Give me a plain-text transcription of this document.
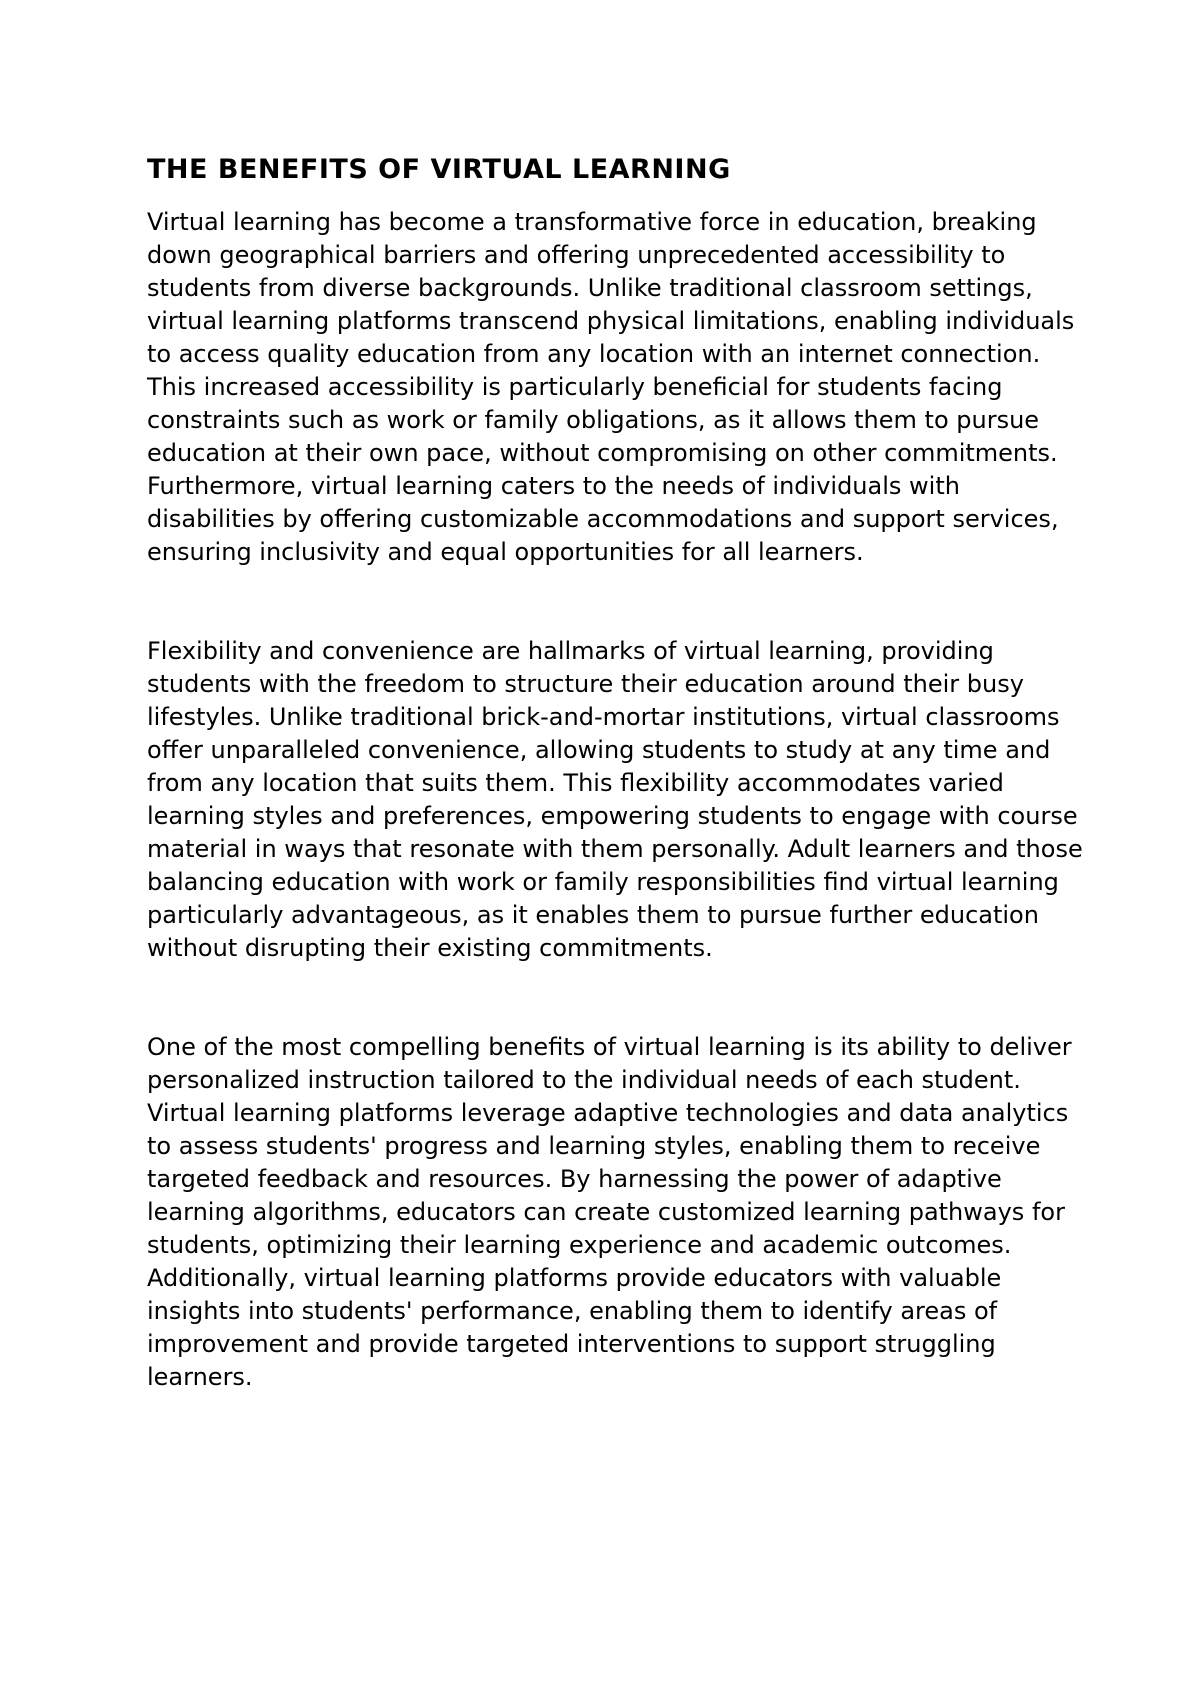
THE BENEFITS OF VIRTUAL LEARNING

Virtual learning has become a transformative force in education, breaking down geographical barriers and offering unprecedented accessibility to students from diverse backgrounds. Unlike traditional classroom settings, virtual learning platforms transcend physical limitations, enabling individuals to access quality education from any location with an internet connection. This increased accessibility is particularly beneficial for students facing constraints such as work or family obligations, as it allows them to pursue education at their own pace, without compromising on other commitments. Furthermore, virtual learning caters to the needs of individuals with disabilities by offering customizable accommodations and support services, ensuring inclusivity and equal opportunities for all learners.

Flexibility and convenience are hallmarks of virtual learning, providing students with the freedom to structure their education around their busy lifestyles. Unlike traditional brick-and-mortar institutions, virtual classrooms offer unparalleled convenience, allowing students to study at any time and from any location that suits them. This flexibility accommodates varied learning styles and preferences, empowering students to engage with course material in ways that resonate with them personally. Adult learners and those balancing education with work or family responsibilities find virtual learning particularly advantageous, as it enables them to pursue further education without disrupting their existing commitments.

One of the most compelling benefits of virtual learning is its ability to deliver personalized instruction tailored to the individual needs of each student. Virtual learning platforms leverage adaptive technologies and data analytics to assess students' progress and learning styles, enabling them to receive targeted feedback and resources. By harnessing the power of adaptive learning algorithms, educators can create customized learning pathways for students, optimizing their learning experience and academic outcomes. Additionally, virtual learning platforms provide educators with valuable insights into students' performance, enabling them to identify areas of improvement and provide targeted interventions to support struggling learners.
